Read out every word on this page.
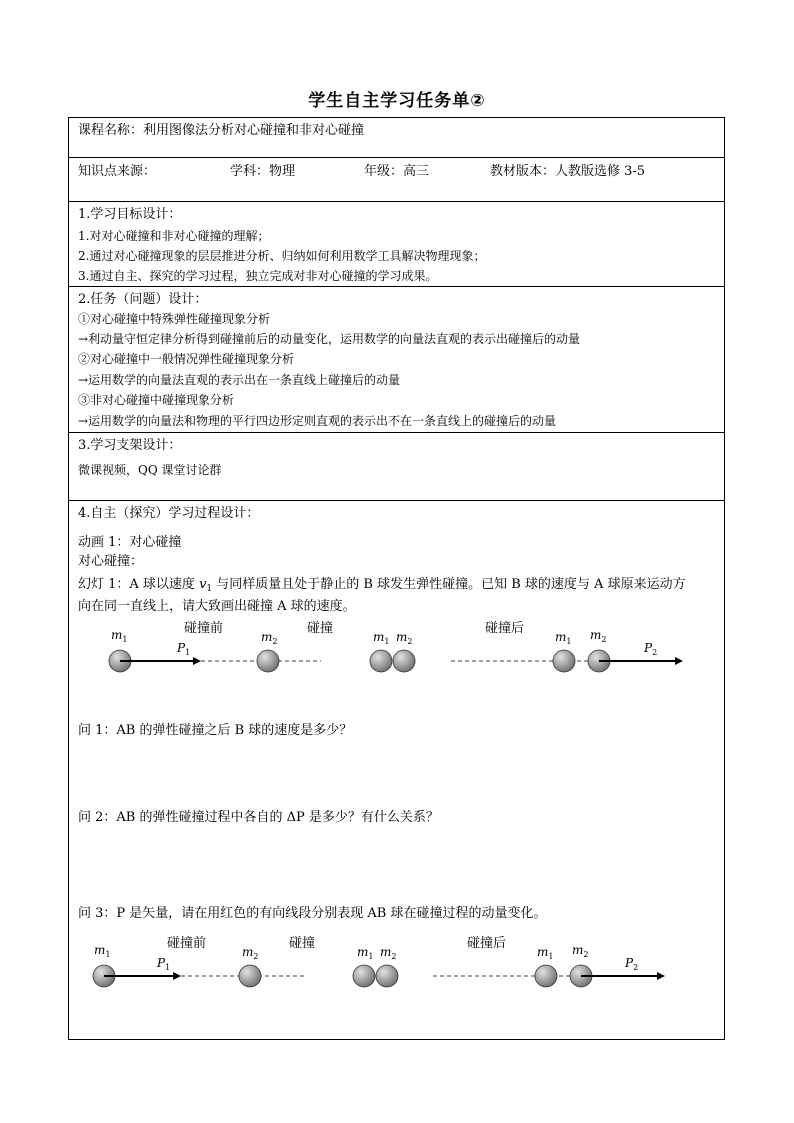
学生自主学习任务单②
课程名称：利用图像法分析对心碰撞和非对心碰撞
知识点来源：	学科：物理	年级：高三	教材版本：人教版选修 3-5
1.学习目标设计：
1.对对心碰撞和非对心碰撞的理解；
2.通过对心碰撞现象的层层推进分析、归纳如何利用数学工具解决物理现象；
3.通过自主、探究的学习过程，独立完成对非对心碰撞的学习成果。
2.任务（问题）设计：
①对心碰撞中特殊弹性碰撞现象分析
→利动量守恒定律分析得到碰撞前后的动量变化，运用数学的向量法直观的表示出碰撞后的动量
②对心碰撞中一般情况弹性碰撞现象分析
→运用数学的向量法直观的表示出在一条直线上碰撞后的动量
③非对心碰撞中碰撞现象分析
→运用数学的向量法和物理的平行四边形定则直观的表示出不在一条直线上的碰撞后的动量
3.学习支架设计：
微课视频，QQ 课堂讨论群
4.自主（探究）学习过程设计：
动画 1：对心碰撞
对心碰撞：
幻灯 1：A 球以速度 $v_1$ 与同样质量且处于静止的 B 球发生弹性碰撞。已知 B 球的速度与 A 球原来运动方
向在同一直线上，请大致画出碰撞 A 球的速度。
$m_1$
碰撞前
$m_2$
$P_1$
碰撞
$m_1$ $m_2$
碰撞后
$m_1$ $m_2$
$P_2$
问 1：AB 的弹性碰撞之后 B 球的速度是多少？
问 2：AB 的弹性碰撞过程中各自的 ΔP 是多少？有什么关系？
问 3：P 是矢量，请在用红色的有向线段分别表现 AB 球在碰撞过程的动量变化。
$m_1$
碰撞前
$m_2$
$P_1$
碰撞
$m_1$ $m_2$
碰撞后
$m_1$ $m_2$
$P_2$
